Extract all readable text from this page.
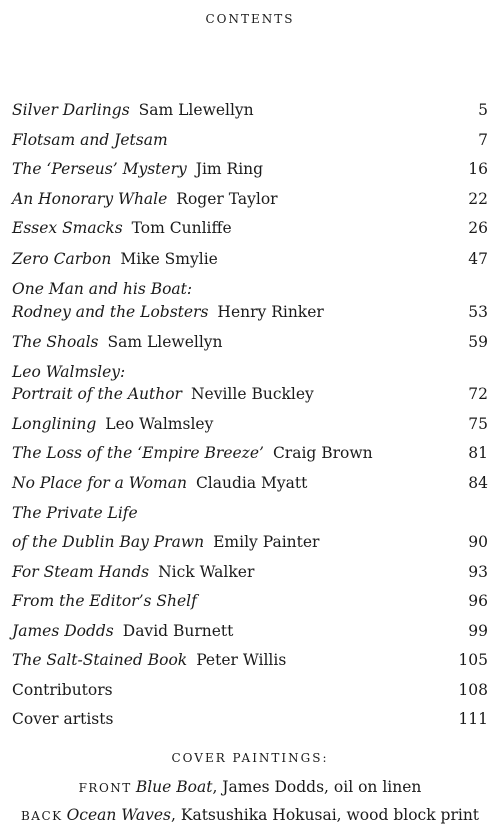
CONTENTS
Silver Darlings Sam Llewellyn	5
Flotsam and Jetsam	7
The ‘Perseus’ Mystery Jim Ring	16
An Honorary Whale Roger Taylor	22
Essex Smacks Tom Cunliffe	26
Zero Carbon Mike Smylie	47
One Man and his Boat:
Rodney and the Lobsters Henry Rinker	53
The Shoals Sam Llewellyn	59
Leo Walmsley:
Portrait of the Author Neville Buckley	72
Longlining Leo Walmsley	75
The Loss of the ‘Empire Breeze’ Craig Brown	81
No Place for a Woman Claudia Myatt	84
The Private Life
of the Dublin Bay Prawn Emily Painter	90
For Steam Hands Nick Walker	93
From the Editor’s Shelf	96
James Dodds David Burnett	99
The Salt-Stained Book Peter Willis	105
Contributors	108
Cover artists	111
COVER PAINTINGS:
FRONT Blue Boat, James Dodds, oil on linen
BACK Ocean Waves, Katsushika Hokusai, wood block print
